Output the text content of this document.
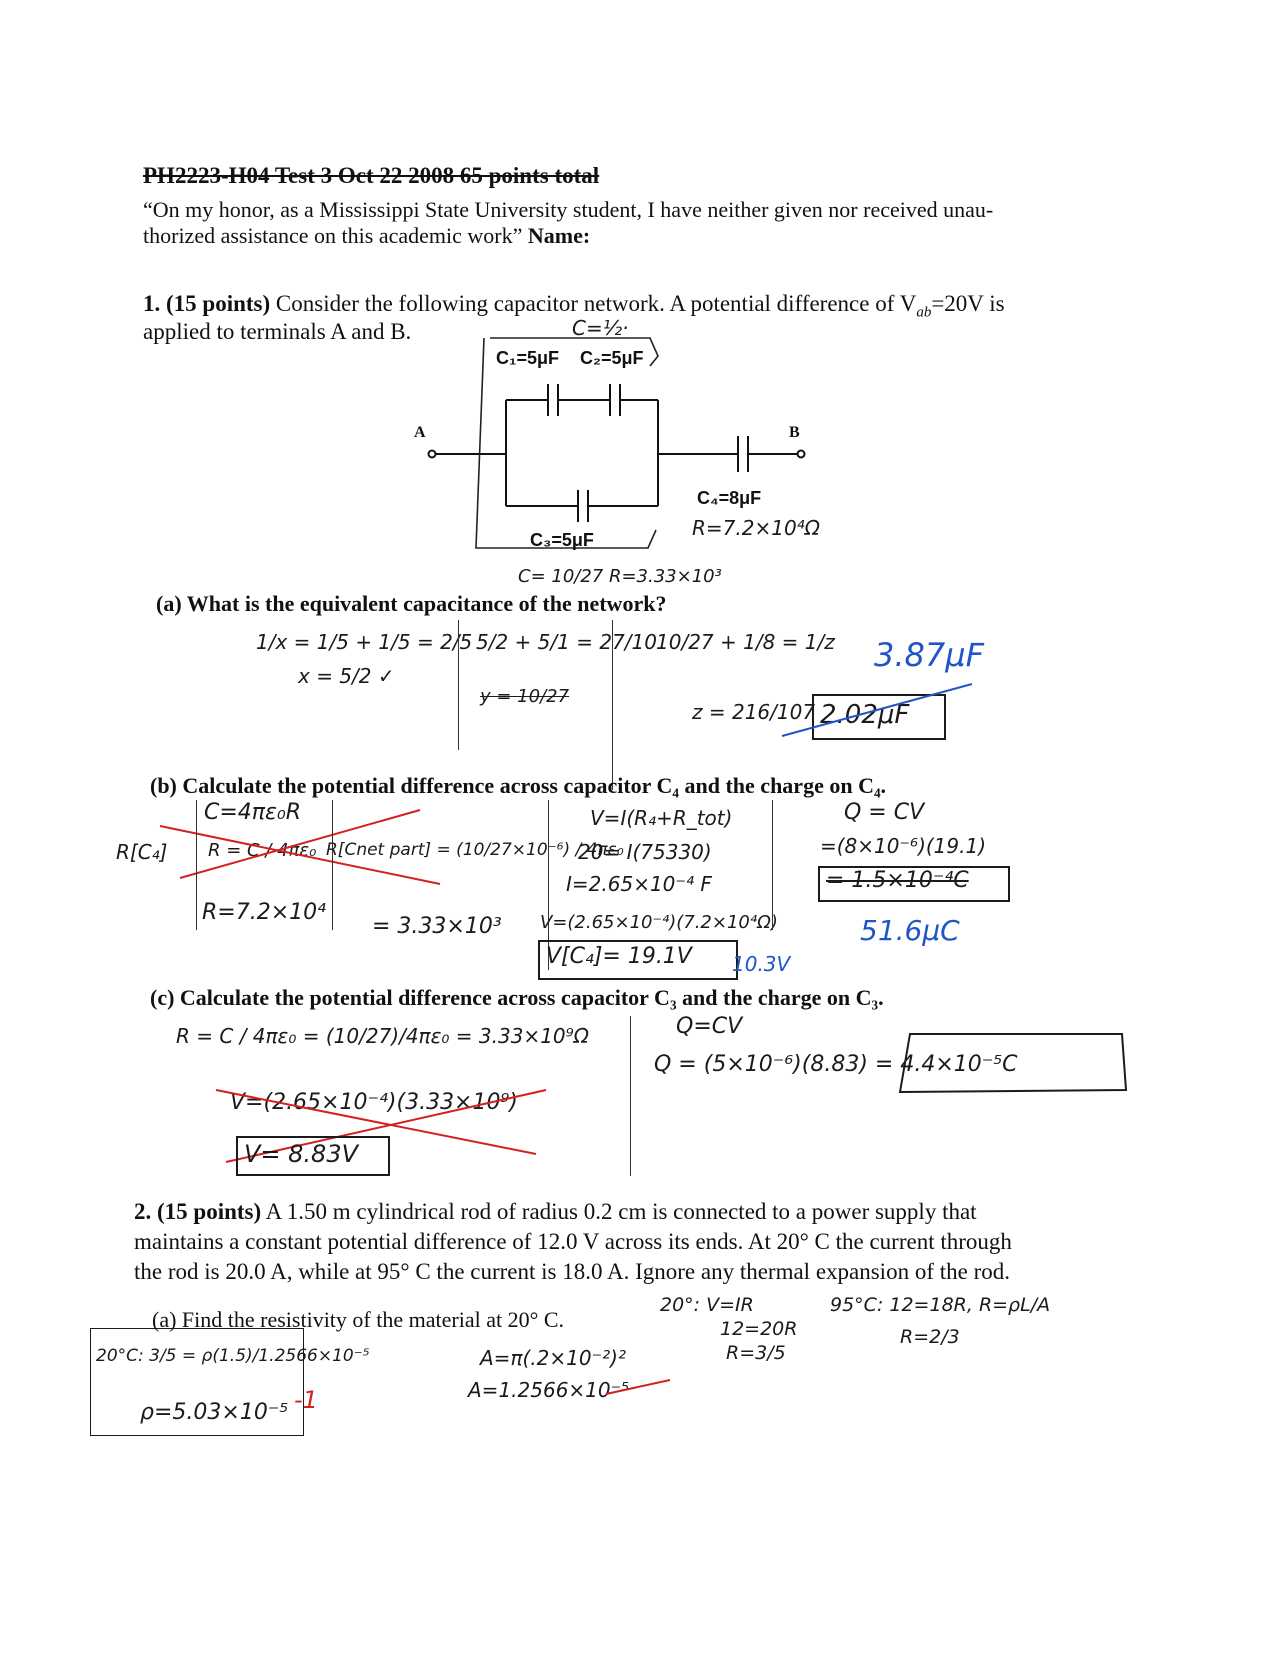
PH2223-H04 Test 3 Oct 22 2008 65 points total
“On my honor, as a Mississippi State University student, I have neither given nor received unau-
thorized assistance on this academic work” Name:
1. (15 points) Consider the following capacitor network. A potential difference of $V_{ab}=20V$ is
applied to terminals A and B.	C=½·
A	B
C₁=5μF C₂=5μF
C₃=5μF
C₄=8μF
R=7.2×10⁴Ω
C= 10/27 R=3.33×10³
(a) What is the equivalent capacitance of the network?
1/x = 1/5 + 1/5 = 2/5
x = 5/2 ✓
5/2 + 5/1 = 27/10
y = 10/27
10/27 + 1/8 = 1/z
z = 216/107 2.02μF
3.87μF
(b) Calculate the potential difference across capacitor C₄ and the charge on C₄.
C=4πε₀R
R[C₄] R = C / 4πε₀
R=7.2×10⁴
R[Cnet part] = (10/27×10⁻⁶) / 4πε₀
= 3.33×10³
V=I(R₄+R_tot)
20= I(75330)
I=2.65×10⁻⁴ F
V=(2.65×10⁻⁴)(7.2×10⁴Ω)
V[C₄]= 19.1V 10.3V
Q = CV
=(8×10⁻⁶)(19.1)
= 1.5×10⁻⁴C
51.6μC
(c) Calculate the potential difference across capacitor C₃ and the charge on C₃.
R = C / 4πε₀ = (10/27)/4πε₀ = 3.33×10⁹Ω	Q=CV
Q = (5×10⁻⁶)(8.83) = 4.4×10⁻⁵C
V=(2.65×10⁻⁴)(3.33×10⁹)
V= 8.83V
2. (15 points) A 1.50 m cylindrical rod of radius 0.2 cm is connected to a power supply that
maintains a constant potential difference of 12.0 V across its ends. At 20° C the current through
the rod is 20.0 A, while at 95° C the current is 18.0 A. Ignore any thermal expansion of the rod.
(a) Find the resistivity of the material at 20° C.
20°C: 3/5 = ρ(1.5)/1.2566×10⁻⁵
ρ=5.03×10⁻⁵ -1
A=π(.2×10⁻²)²
A=1.2566×10⁻⁵
20°: V=IR
12=20R
R=3/5
95°C: 12=18R, R=ρL/A
R=2/3
